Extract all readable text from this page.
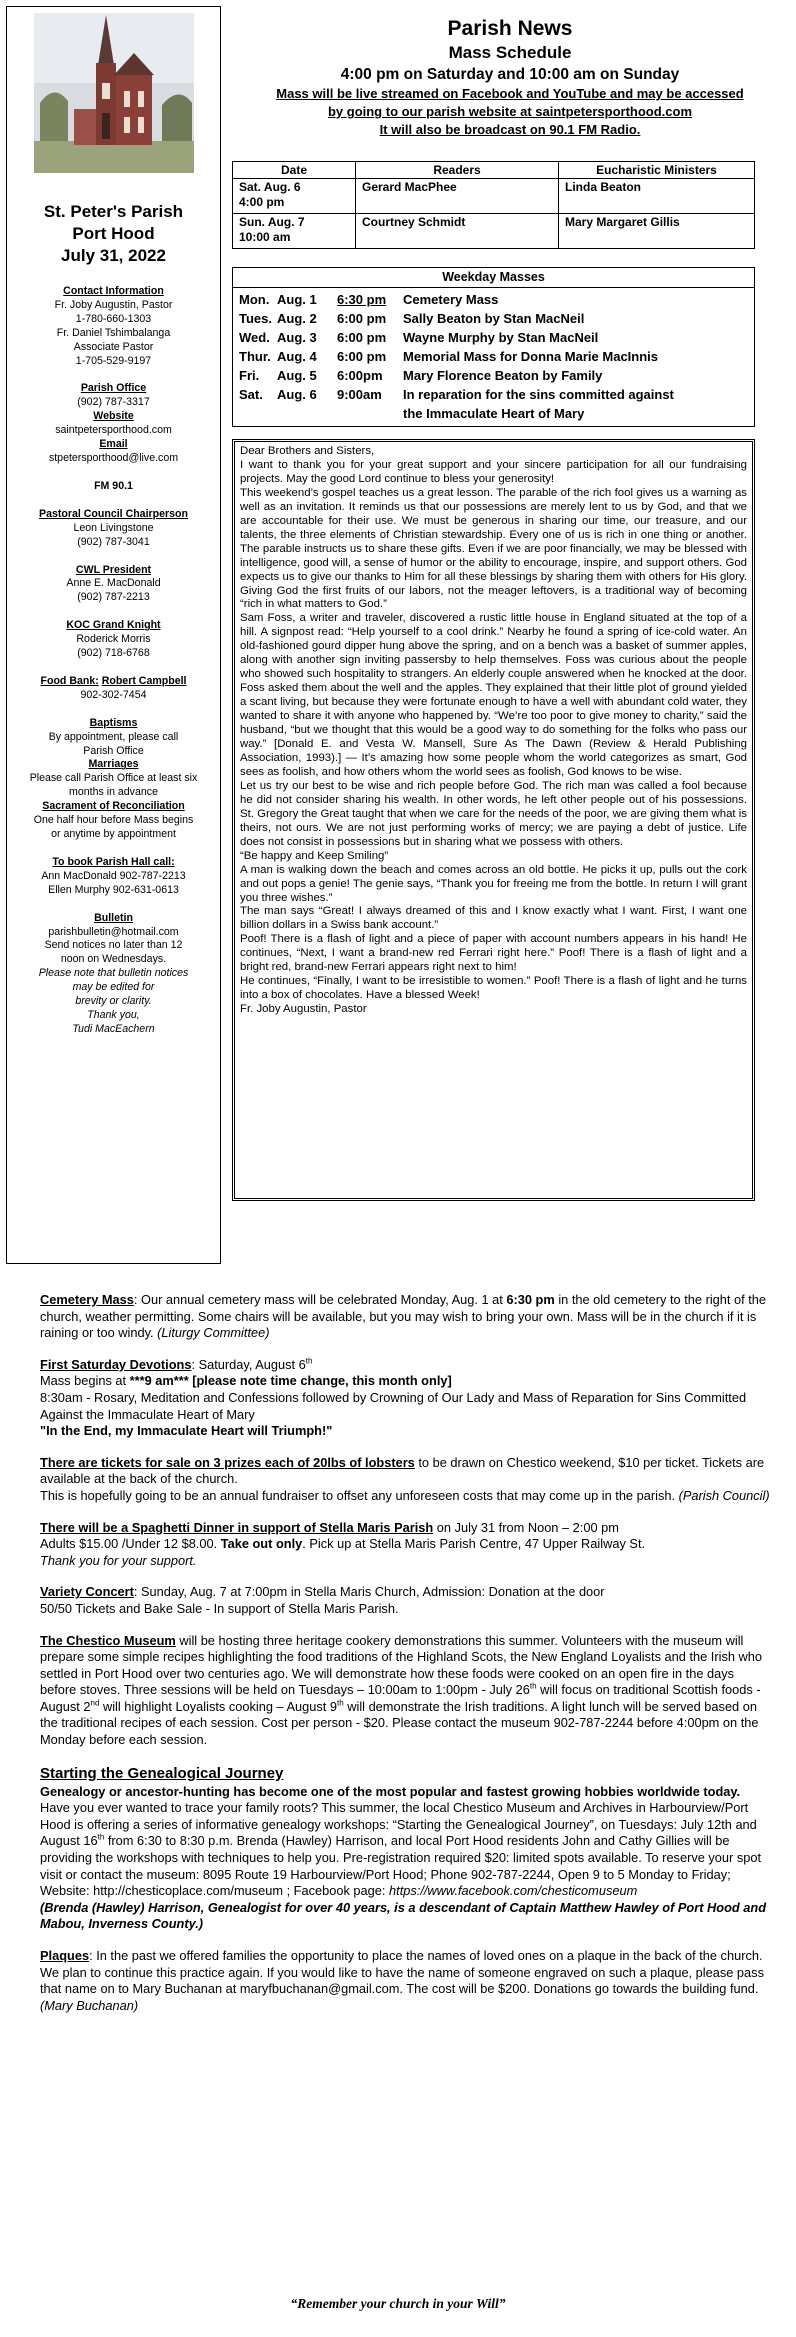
St. Peter's Parish
Port Hood
July 31, 2022
Contact Information
Fr. Joby Augustin, Pastor
1-780-660-1303
Fr. Daniel Tshimbalanga
Associate Pastor
1-705-529-9197
Parish Office
(902) 787-3317
Website
saintpetersporthood.com
Email
stpetersporthood@live.com
FM 90.1
Pastoral Council Chairperson
Leon Livingstone
(902) 787-3041
CWL President
Anne E. MacDonald
(902) 787-2213
KOC Grand Knight
Roderick Morris
(902) 718-6768
Food Bank: Robert Campbell
902-302-7454
Baptisms
By appointment, please call
Parish Office
Marriages
Please call Parish Office at least six
months in advance
Sacrament of Reconciliation
One half hour before Mass begins
or anytime by appointment
To book Parish Hall call:
Ann MacDonald 902-787-2213
Ellen Murphy 902-631-0613
Bulletin
parishbulletin@hotmail.com
Send notices no later than 12
noon on Wednesdays.
Please note that bulletin notices
may be edited for
brevity or clarity.
Thank you,
Tudi MacEachern
Parish News
Mass Schedule
4:00 pm on Saturday and 10:00 am on Sunday
Mass will be live streamed on Facebook and YouTube and may be accessed
by going to our parish website at saintpetersporthood.com
It will also be broadcast on 90.1 FM Radio.
Date	Readers	Eucharistic Ministers

Sat. Aug. 6
4:00 pm	Gerard MacPhee	Linda Beaton

Sun. Aug. 7
10:00 am	Courtney Schmidt	Mary Margaret Gillis
Weekday Masses
Mon. Aug. 1	6:30 pm	Cemetery Mass
Tues. Aug. 2	6:00 pm	Sally Beaton by Stan MacNeil
Wed. Aug. 3	6:00 pm	Wayne Murphy by Stan MacNeil
Thur. Aug. 4	6:00 pm	Memorial Mass for Donna Marie MacInnis
Fri.	Aug. 5	6:00pm	Mary Florence Beaton by Family
Sat.	Aug. 6	9:00am	In reparation for the sins committed against
the Immaculate Heart of Mary

Dear Brothers and Sisters,

I want to thank you for your great support and your sincere participation for all our fundraising projects. May the good Lord continue to bless your generosity!

This weekend’s gospel teaches us a great lesson. The parable of the rich fool gives us a warning as well as an invitation. It reminds us that our possessions are merely lent to us by God, and that we are accountable for their use. We must be generous in sharing our time, our treasure, and our talents, the three elements of Christian stewardship. Every one of us is rich in one thing or another. The parable instructs us to share these gifts. Even if we are poor financially, we may be blessed with intelligence, good will, a sense of humor or the ability to encourage, inspire, and support others. God expects us to give our thanks to Him for all these blessings by sharing them with others for His glory. Giving God the first fruits of our labors, not the meager leftovers, is a traditional way of becoming “rich in what matters to God.”

Sam Foss, a writer and traveler, discovered a rustic little house in England situated at the top of a hill. A signpost read: “Help yourself to a cool drink.” Nearby he found a spring of ice-cold water. An old-fashioned gourd dipper hung above the spring, and on a bench was a basket of summer apples, along with another sign inviting passersby to help themselves. Foss was curious about the people who showed such hospitality to strangers. An elderly couple answered when he knocked at the door. Foss asked them about the well and the apples. They explained that their little plot of ground yielded a scant living, but because they were fortunate enough to have a well with abundant cold water, they wanted to share it with anyone who happened by. “We’re too poor to give money to charity,” said the husband, “but we thought that this would be a good way to do something for the folks who pass our way.” [Donald E. and Vesta W. Mansell, Sure As The Dawn (Review & Herald Publishing Association, 1993).] — It’s amazing how some people whom the world categorizes as smart, God sees as foolish, and how others whom the world sees as foolish, God knows to be wise.

Let us try our best to be wise and rich people before God. The rich man was called a fool because he did not consider sharing his wealth. In other words, he left other people out of his possessions. St. Gregory the Great taught that when we care for the needs of the poor, we are giving them what is theirs, not ours. We are not just performing works of mercy; we are paying a debt of justice. Life does not consist in possessions but in sharing what we possess with others.

“Be happy and Keep Smiling”

A man is walking down the beach and comes across an old bottle. He picks it up, pulls out the cork and out pops a genie! The genie says, “Thank you for freeing me from the bottle. In return I will grant you three wishes.”

The man says “Great! I always dreamed of this and I know exactly what I want. First, I want one billion dollars in a Swiss bank account.”

Poof! There is a flash of light and a piece of paper with account numbers appears in his hand! He continues, “Next, I want a brand-new red Ferrari right here.” Poof! There is a flash of light and a bright red, brand-new Ferrari appears right next to him!

He continues, “Finally, I want to be irresistible to women.” Poof! There is a flash of light and he turns into a box of chocolates. Have a blessed Week!

Fr. Joby Augustin, Pastor

Cemetery Mass: Our annual cemetery mass will be celebrated Monday, Aug. 1 at 6:30 pm in the old cemetery to the right of the church, weather permitting. Some chairs will be available, but you may wish to bring your own. Mass will be in the church if it is raining or too windy. (Liturgy Committee)

First Saturday Devotions: Saturday, August 6th

Mass begins at ***9 am*** [please note time change, this month only]

8:30am - Rosary, Meditation and Confessions followed by Crowning of Our Lady and Mass of Reparation for Sins Committed Against the Immaculate Heart of Mary

"In the End, my Immaculate Heart will Triumph!"

There are tickets for sale on 3 prizes each of 20lbs of lobsters to be drawn on Chestico weekend, $10 per ticket. Tickets are available at the back of the church.

This is hopefully going to be an annual fundraiser to offset any unforeseen costs that may come up in the parish. (Parish Council)

There will be a Spaghetti Dinner in support of Stella Maris Parish on July 31 from Noon – 2:00 pm

Adults $15.00 /Under 12 $8.00. Take out only. Pick up at Stella Maris Parish Centre, 47 Upper Railway St.

Thank you for your support.

Variety Concert: Sunday, Aug. 7 at 7:00pm in Stella Maris Church, Admission: Donation at the door

50/50 Tickets and Bake Sale - In support of Stella Maris Parish.

The Chestico Museum will be hosting three heritage cookery demonstrations this summer. Volunteers with the museum will prepare some simple recipes highlighting the food traditions of the Highland Scots, the New England Loyalists and the Irish who settled in Port Hood over two centuries ago. We will demonstrate how these foods were cooked on an open fire in the days before stoves. Three sessions will be held on Tuesdays – 10:00am to 1:00pm - July 26th will focus on traditional Scottish foods - August 2nd will highlight Loyalists cooking – August 9th will demonstrate the Irish traditions. A light lunch will be served based on the traditional recipes of each session. Cost per person - $20. Please contact the museum 902-787-2244 before 4:00pm on the Monday before each session.

Starting the Genealogical Journey

Genealogy or ancestor-hunting has become one of the most popular and fastest growing hobbies worldwide today.

Have you ever wanted to trace your family roots? This summer, the local Chestico Museum and Archives in Harbourview/Port Hood is offering a series of informative genealogy workshops: “Starting the Genealogical Journey”, on Tuesdays: July 12th and August 16th from 6:30 to 8:30 p.m. Brenda (Hawley) Harrison, and local Port Hood residents John and Cathy Gillies will be providing the workshops with techniques to help you. Pre-registration required $20: limited spots available. To reserve your spot visit or contact the museum: 8095 Route 19 Harbourview/Port Hood; Phone 902-787-2244, Open 9 to 5 Monday to Friday; Website: http://chesticoplace.com/museum ; Facebook page: https://www.facebook.com/chesticomuseum

(Brenda (Hawley) Harrison, Genealogist for over 40 years, is a descendant of Captain Matthew Hawley of Port Hood and Mabou, Inverness County.)

Plaques: In the past we offered families the opportunity to place the names of loved ones on a plaque in the back of the church. We plan to continue this practice again. If you would like to have the name of someone engraved on such a plaque, please pass that name on to Mary Buchanan at maryfbuchanan@gmail.com. The cost will be $200. Donations go towards the building fund.

(Mary Buchanan)

“Remember your church in your Will”
